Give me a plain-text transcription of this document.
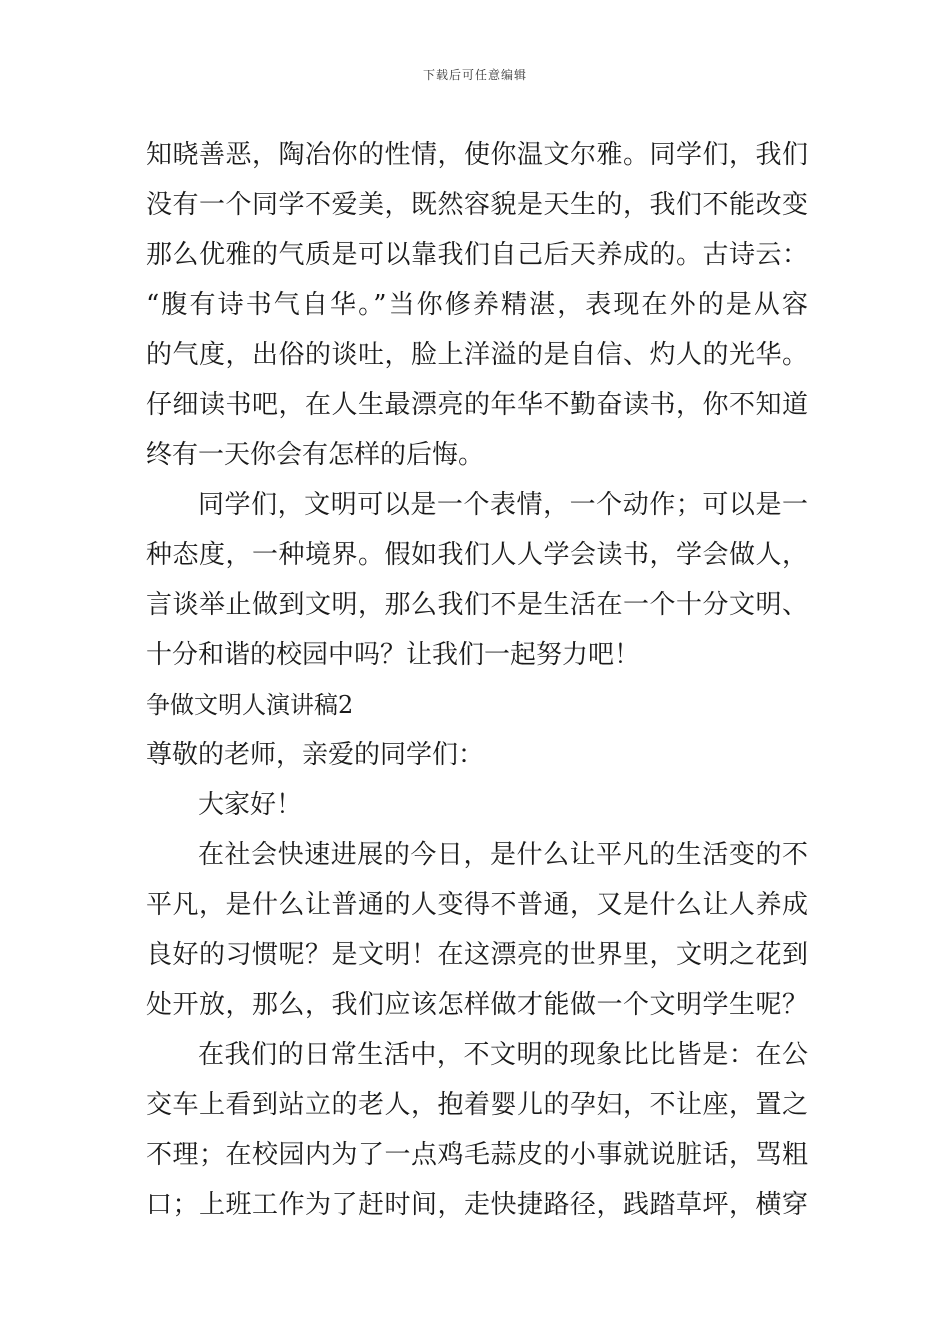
下载后可任意编辑
知晓善恶，陶冶你的性情，使你温文尔雅。同学们，我们
没有一个同学不爱美，既然容貌是天生的，我们不能改变
那么优雅的气质是可以靠我们自己后天养成的。古诗云：
“腹有诗书气自华。”当你修养精湛，表现在外的是从容
的气度，出俗的谈吐，脸上洋溢的是自信、灼人的光华。
仔细读书吧，在人生最漂亮的年华不勤奋读书，你不知道
终有一天你会有怎样的后悔。
同学们，文明可以是一个表情，一个动作；可以是一
种态度，一种境界。假如我们人人学会读书，学会做人，
言谈举止做到文明，那么我们不是生活在一个十分文明、
十分和谐的校园中吗？让我们一起努力吧！
争做文明人演讲稿2
尊敬的老师，亲爱的同学们：
大家好！
在社会快速进展的今日，是什么让平凡的生活变的不
平凡，是什么让普通的人变得不普通，又是什么让人养成
良好的习惯呢？是文明！在这漂亮的世界里，文明之花到
处开放，那么，我们应该怎样做才能做一个文明学生呢？
在我们的日常生活中，不文明的现象比比皆是：在公
交车上看到站立的老人，抱着婴儿的孕妇，不让座，置之
不理；在校园内为了一点鸡毛蒜皮的小事就说脏话，骂粗
口；上班工作为了赶时间，走快捷路径，践踏草坪，横穿
